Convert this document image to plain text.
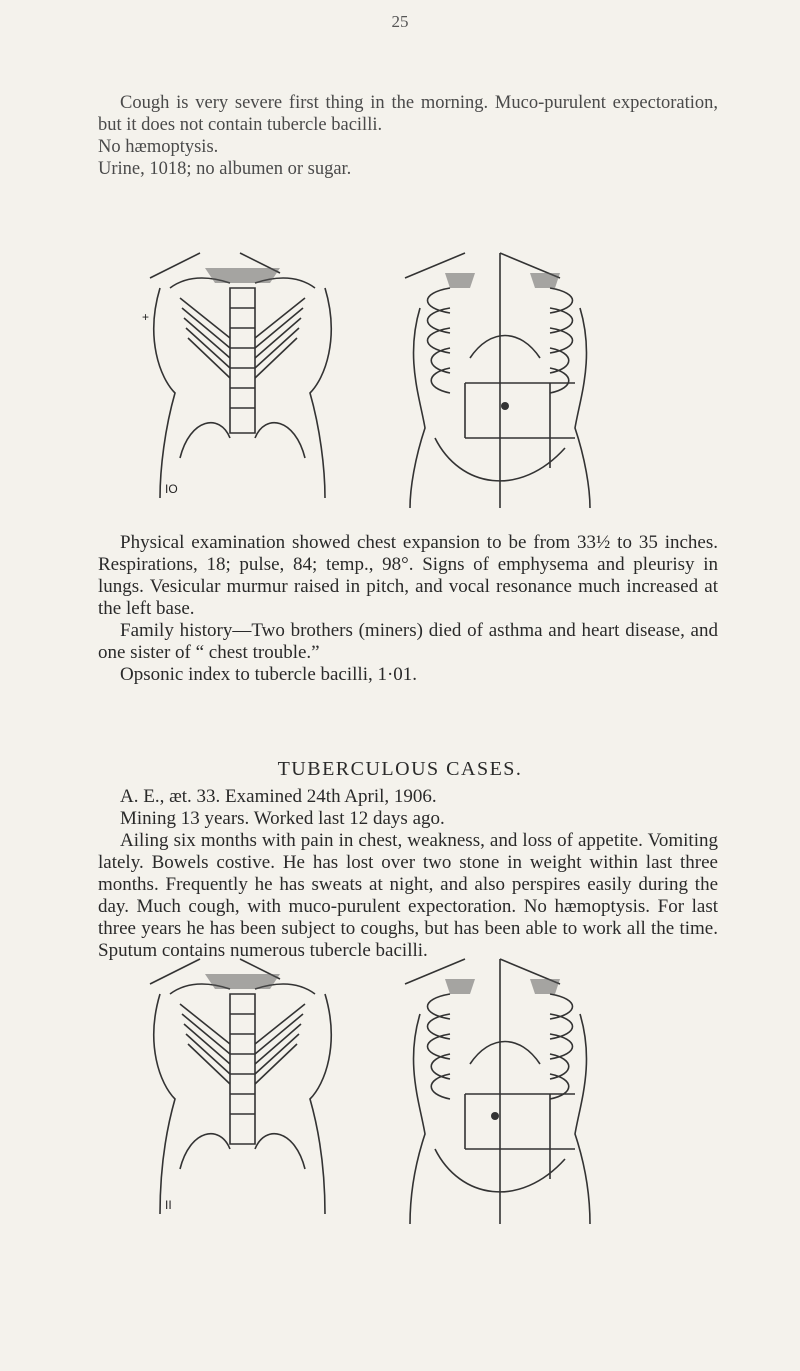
25

Cough is very severe first thing in the morning. Muco-purulent expectoration, but it does not contain tubercle bacilli.

No hæmoptysis.

Urine, 1018; no albumen or sugar.

IO
+

Physical examination showed chest expansion to be from 33½ to 35 inches. Respirations, 18; pulse, 84; temp., 98°. Signs of emphysema and pleurisy in lungs. Vesicular murmur raised in pitch, and vocal resonance much increased at the left base.

Family history—Two brothers (miners) died of asthma and heart disease, and one sister of “ chest trouble.”

Opsonic index to tubercle bacilli, 1·01.

TUBERCULOUS CASES.

A. E., æt. 33. Examined 24th April, 1906.

Mining 13 years. Worked last 12 days ago.

Ailing six months with pain in chest, weakness, and loss of appetite. Vomiting lately. Bowels costive. He has lost over two stone in weight within last three months. Frequently he has sweats at night, and also perspires easily during the day. Much cough, with muco-purulent expectoration. No hæmoptysis. For last three years he has been subject to coughs, but has been able to work all the time. Sputum contains numerous tubercle bacilli.

II
